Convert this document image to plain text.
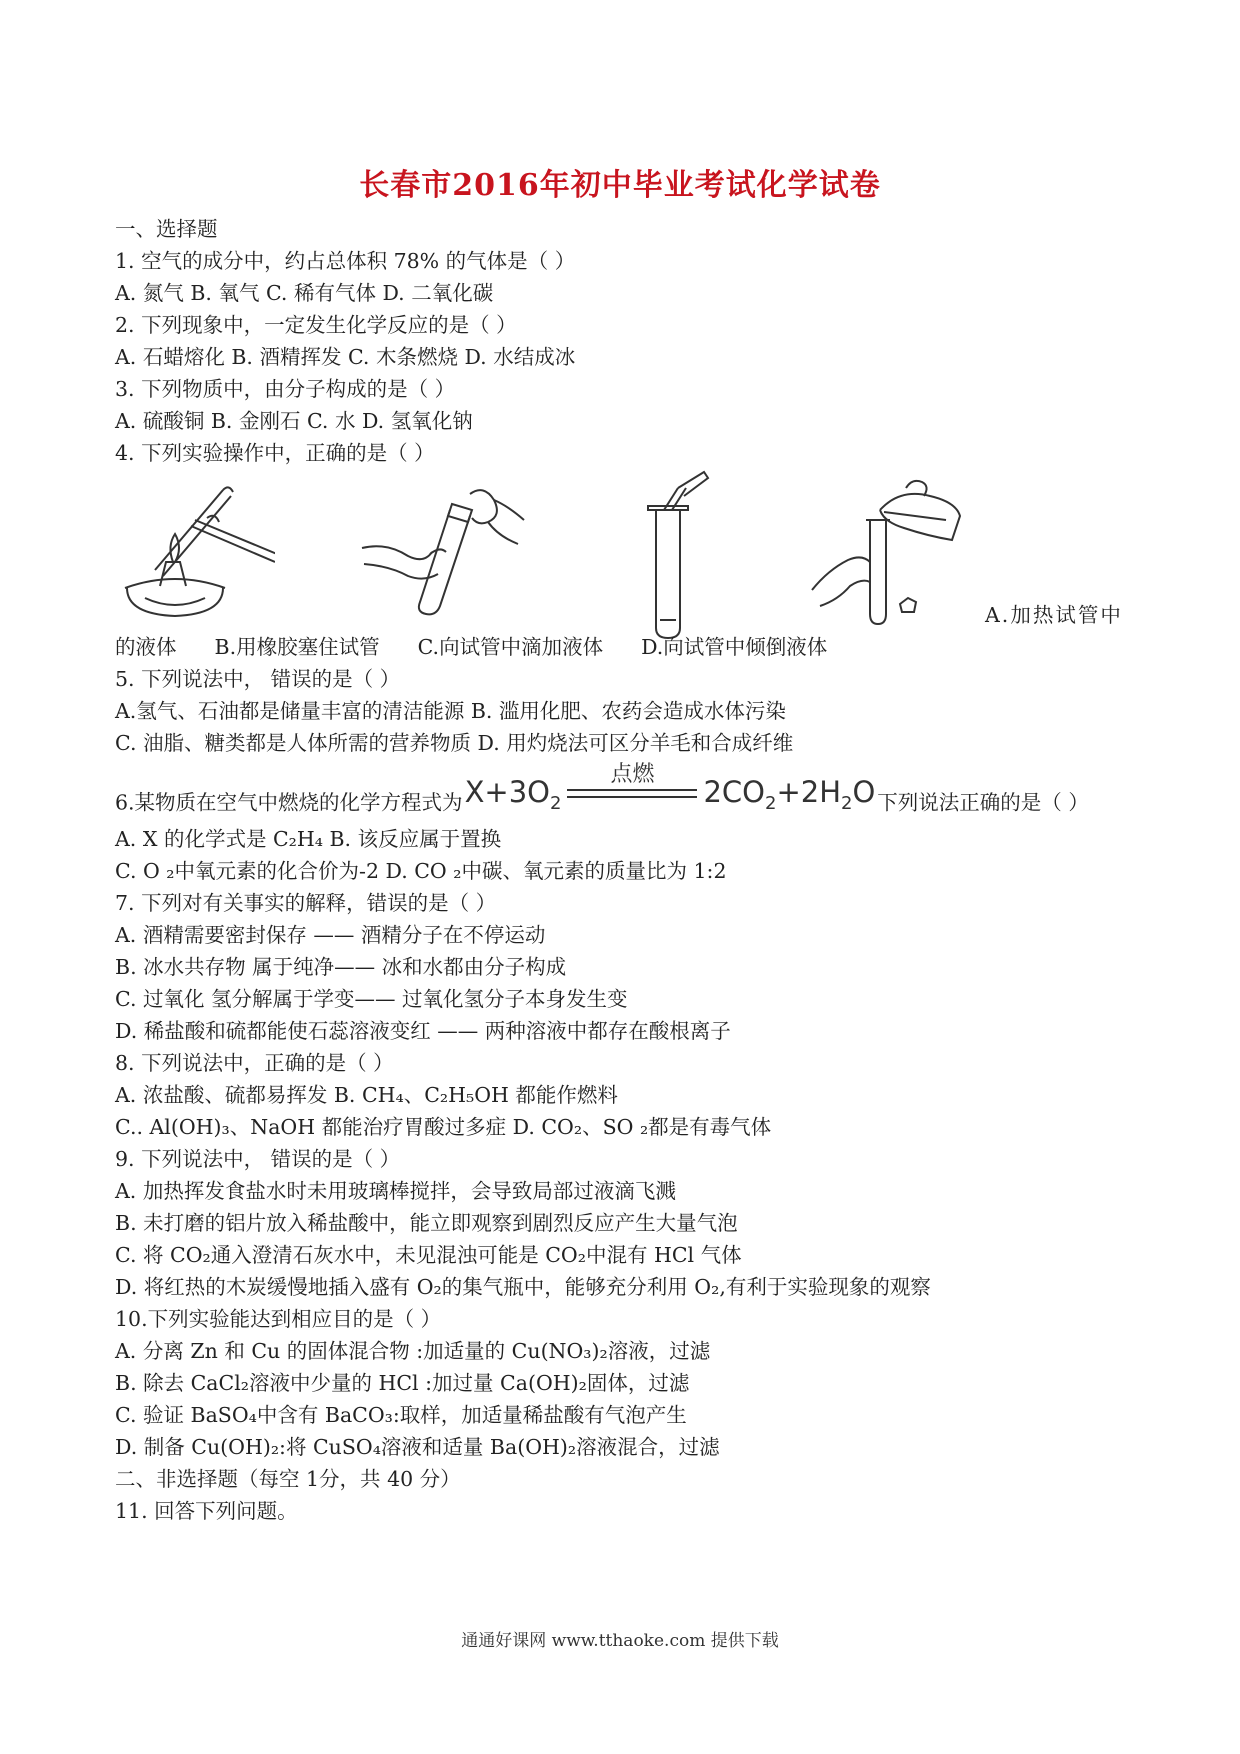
长春市2016年初中毕业考试化学试卷
一、选择题
1. 空气的成分中，约占总体积 78% 的气体是（ ）
A. 氮气 B. 氧气 C. 稀有气体 D. 二氧化碳
2. 下列现象中，一定发生化学反应的是（ ）
A. 石蜡熔化 B. 酒精挥发 C. 木条燃烧 D. 水结成冰
3. 下列物质中，由分子构成的是（ ）
A. 硫酸铜 B. 金刚石 C. 水 D. 氢氧化钠
4. 下列实验操作中，正确的是（ ）
A.加热试管中
的液体 B.用橡胶塞住试管 C.向试管中滴加液体 D.向试管中倾倒液体
5. 下列说法中， 错误的是（ ）
A.氢气、石油都是储量丰富的清洁能源 B. 滥用化肥、农药会造成水体污染
C. 油脂、糖类都是人体所需的营养物质 D. 用灼烧法可区分羊毛和合成纤维
6.某物质在空气中燃烧的化学方程式为$X+3O_2$
点燃
$2CO_2+2H_2O$下列说法正确的是（ ）
A. X 的化学式是 C₂H₄ B. 该反应属于置换
C. O ₂中氧元素的化合价为-2 D. CO ₂中碳、氧元素的质量比为 1:2
7. 下列对有关事实的解释，错误的是（ ）
A. 酒精需要密封保存 —— 酒精分子在不停运动
B. 冰水共存物 属于纯净—— 冰和水都由分子构成
C. 过氧化 氢分解属于学变—— 过氧化氢分子本身发生变
D. 稀盐酸和硫都能使石蕊溶液变红 —— 两种溶液中都存在酸根离子
8. 下列说法中，正确的是（ ）
A. 浓盐酸、硫都易挥发 B. CH₄、C₂H₅OH 都能作燃料
C.. Al(OH)₃、NaOH 都能治疗胃酸过多症 D. CO₂、SO ₂都是有毒气体
9. 下列说法中， 错误的是（ ）
A. 加热挥发食盐水时未用玻璃棒搅拌，会导致局部过液滴飞溅
B. 未打磨的铝片放入稀盐酸中，能立即观察到剧烈反应产生大量气泡
C. 将 CO₂通入澄清石灰水中，未见混浊可能是 CO₂中混有 HCl 气体
D. 将红热的木炭缓慢地插入盛有 O₂的集气瓶中，能够充分利用 O₂,有利于实验现象的观察
10.下列实验能达到相应目的是（ ）
A. 分离 Zn 和 Cu 的固体混合物 :加适量的 Cu(NO₃)₂溶液，过滤
B. 除去 CaCl₂溶液中少量的 HCl :加过量 Ca(OH)₂固体，过滤
C. 验证 BaSO₄中含有 BaCO₃:取样，加适量稀盐酸有气泡产生
D. 制备 Cu(OH)₂:将 CuSO₄溶液和适量 Ba(OH)₂溶液混合，过滤
二、非选择题（每空 1分，共 40 分）
11. 回答下列问题。
通通好课网 www.tthaoke.com 提供下载
